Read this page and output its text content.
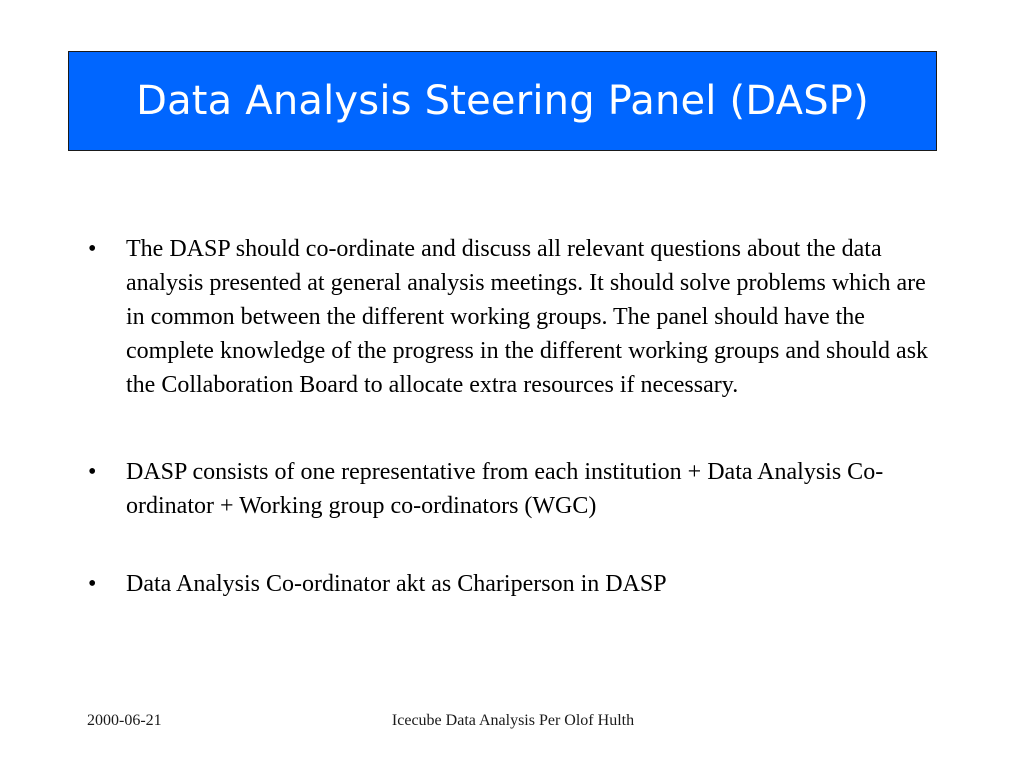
Data Analysis Steering Panel (DASP)
• The DASP should co-ordinate and discuss all relevant questions about the data analysis presented at general analysis meetings. It should solve problems which are in common between the different working groups. The panel should have the complete knowledge of the progress in the different working groups and should ask the Collaboration Board to allocate extra resources if necessary.
• DASP consists of one representative from each institution + Data Analysis Co-ordinator + Working group co-ordinators (WGC)
• Data Analysis Co-ordinator akt as Chariperson in DASP
2000-06-21	Icecube Data Analysis Per Olof Hulth
